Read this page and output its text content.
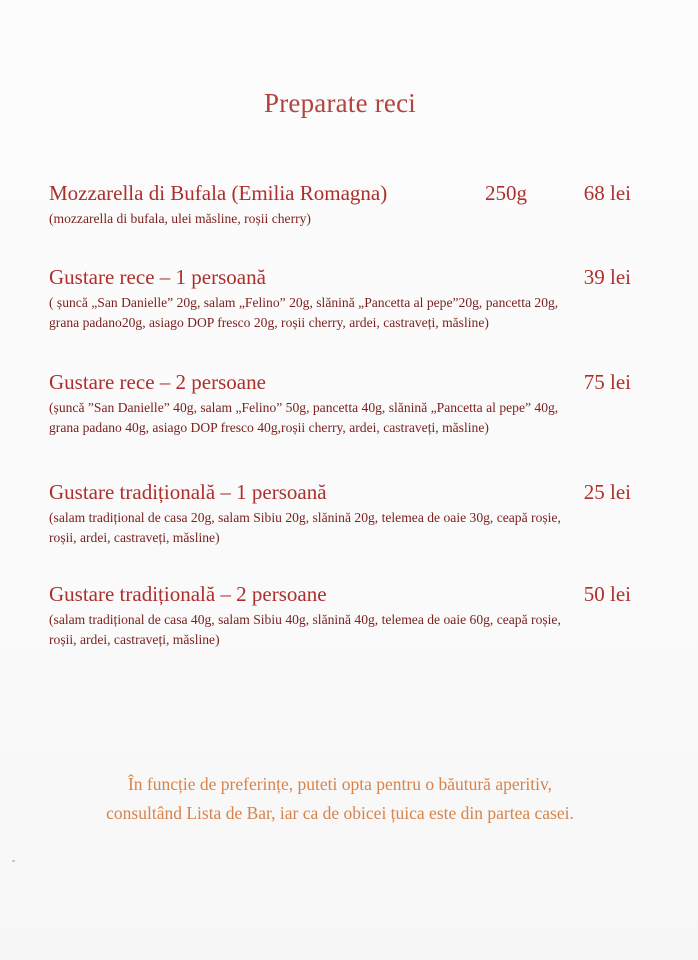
Preparate reci
Mozzarella di Bufala (Emilia Romagna)	250g	68 lei
(mozzarella di bufala, ulei măsline, roșii cherry)
Gustare rece – 1 persoană	39 lei
( șuncă „San Danielle” 20g, salam „Felino” 20g, slănină „Pancetta al pepe”20g, pancetta 20g,
grana padano20g, asiago DOP fresco 20g, roșii cherry, ardei, castraveți, măsline)
Gustare rece – 2 persoane	75 lei
(șuncă ”San Danielle” 40g, salam „Felino” 50g, pancetta 40g, slănină „Pancetta al pepe” 40g,
grana padano 40g, asiago DOP fresco 40g,roșii cherry, ardei, castraveți, măsline)
Gustare tradițională – 1 persoană	25 lei
(salam tradițional de casa 20g, salam Sibiu 20g, slănină 20g, telemea de oaie 30g, ceapă roșie,
roșii, ardei, castraveți, măsline)
Gustare tradițională – 2 persoane	50 lei
(salam tradițional de casa 40g, salam Sibiu 40g, slănină 40g, telemea de oaie 60g, ceapă roșie,
roșii, ardei, castraveți, măsline)
În funcție de preferințe, puteti opta pentru o băutură aperitiv,
consultând Lista de Bar, iar ca de obicei țuica este din partea casei.
